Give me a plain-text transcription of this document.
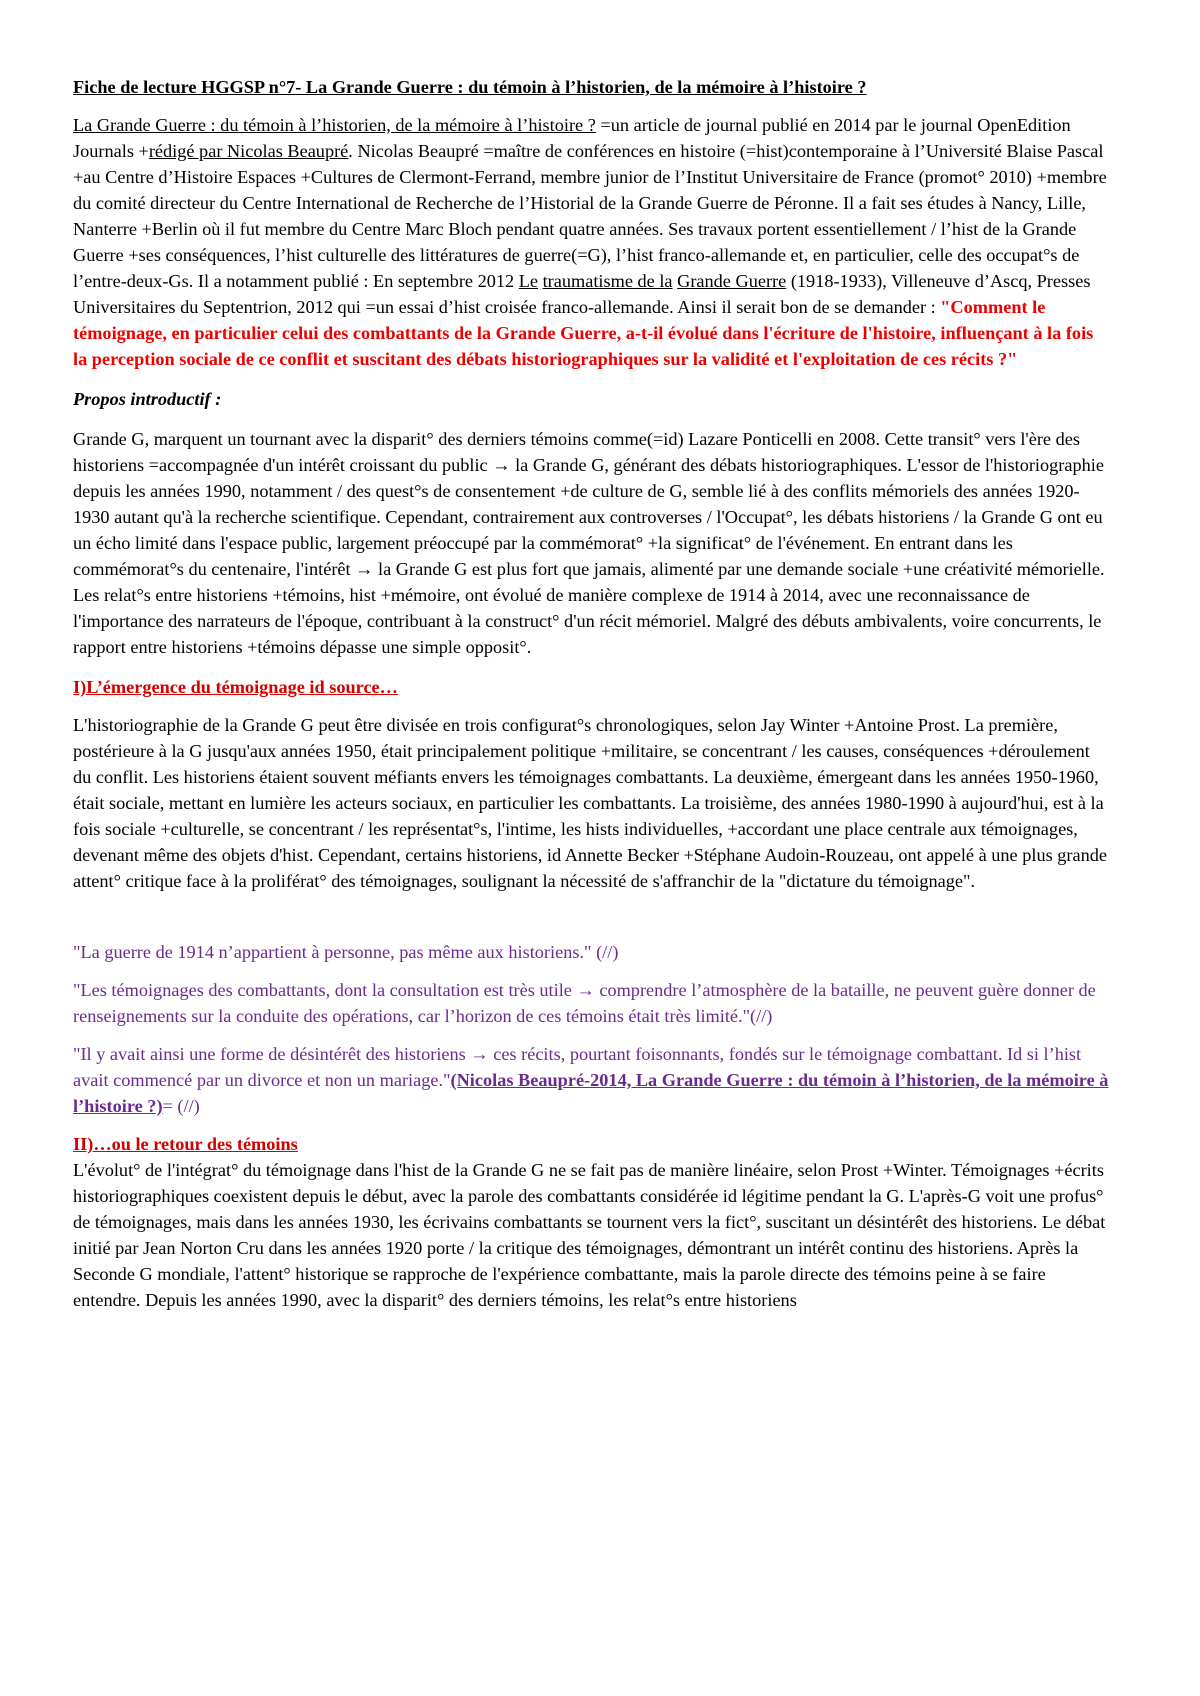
Fiche de lecture HGGSP n°7- La Grande Guerre : du témoin à l’historien, de la mémoire à l’histoire ?

La Grande Guerre : du témoin à l’historien, de la mémoire à l’histoire ? =un article de journal publié en 2014 par le journal OpenEdition Journals +rédigé par Nicolas Beaupré. Nicolas Beaupré =maître de conférences en histoire (=hist)contemporaine à l’Université Blaise Pascal +au Centre d’Histoire Espaces +Cultures de Clermont-Ferrand, membre junior de l’Institut Universitaire de France (promot° 2010) +membre du comité directeur du Centre International de Recherche de l’Historial de la Grande Guerre de Péronne. Il a fait ses études à Nancy, Lille, Nanterre +Berlin où il fut membre du Centre Marc Bloch pendant quatre années. Ses travaux portent essentiellement / l’hist de la Grande Guerre +ses conséquences, l’hist culturelle des littératures de guerre(=G), l’hist franco-allemande et, en particulier, celle des occupat°s de l’entre-deux-Gs. Il a notamment publié : En septembre 2012 Le traumatisme de la Grande Guerre (1918-1933), Villeneuve d’Ascq, Presses Universitaires du Septentrion, 2012 qui =un essai d’hist croisée franco-allemande. Ainsi il serait bon de se demander : "Comment le témoignage, en particulier celui des combattants de la Grande Guerre, a-t-il évolué dans l'écriture de l'histoire, influençant à la fois la perception sociale de ce conflit et suscitant des débats historiographiques sur la validité et l'exploitation de ces récits ?"

Propos introductif :

Grande G, marquent un tournant avec la disparit° des derniers témoins comme(=id) Lazare Ponticelli en 2008. Cette transit° vers l'ère des historiens =accompagnée d'un intérêt croissant du public → la Grande G, générant des débats historiographiques. L'essor de l'historiographie depuis les années 1990, notamment / des quest°s de consentement +de culture de G, semble lié à des conflits mémoriels des années 1920-1930 autant qu'à la recherche scientifique. Cependant, contrairement aux controverses / l'Occupat°, les débats historiens / la Grande G ont eu un écho limité dans l'espace public, largement préoccupé par la commémorat° +la significat° de l'événement. En entrant dans les commémorat°s du centenaire, l'intérêt → la Grande G est plus fort que jamais, alimenté par une demande sociale +une créativité mémorielle. Les relat°s entre historiens +témoins, hist +mémoire, ont évolué de manière complexe de 1914 à 2014, avec une reconnaissance de l'importance des narrateurs de l'époque, contribuant à la construct° d'un récit mémoriel. Malgré des débuts ambivalents, voire concurrents, le rapport entre historiens +témoins dépasse une simple opposit°.

I)L’émergence du témoignage id source…

L'historiographie de la Grande G peut être divisée en trois configurat°s chronologiques, selon Jay Winter +Antoine Prost. La première, postérieure à la G jusqu'aux années 1950, était principalement politique +militaire, se concentrant / les causes, conséquences +déroulement du conflit. Les historiens étaient souvent méfiants envers les témoignages combattants. La deuxième, émergeant dans les années 1950-1960, était sociale, mettant en lumière les acteurs sociaux, en particulier les combattants. La troisième, des années 1980-1990 à aujourd'hui, est à la fois sociale +culturelle, se concentrant / les représentat°s, l'intime, les hists individuelles, +accordant une place centrale aux témoignages, devenant même des objets d'hist. Cependant, certains historiens, id Annette Becker +Stéphane Audoin-Rouzeau, ont appelé à une plus grande attent° critique face à la proliférat° des témoignages, soulignant la nécessité de s'affranchir de la "dictature du témoignage".

"La guerre de 1914 n’appartient à personne, pas même aux historiens." (//)

"Les témoignages des combattants, dont la consultation est très utile → comprendre l’atmosphère de la bataille, ne peuvent guère donner de renseignements sur la conduite des opérations, car l’horizon de ces témoins était très limité."(//)

"Il y avait ainsi une forme de désintérêt des historiens → ces récits, pourtant foisonnants, fondés sur le témoignage combattant. Id si l’hist avait commencé par un divorce et non un mariage."(Nicolas Beaupré-2014, La Grande Guerre : du témoin à l’historien, de la mémoire à l’histoire ?)= (//)

II)…ou le retour des témoins

L'évolut° de l'intégrat° du témoignage dans l'hist de la Grande G ne se fait pas de manière linéaire, selon Prost +Winter. Témoignages +écrits historiographiques coexistent depuis le début, avec la parole des combattants considérée id légitime pendant la G. L'après-G voit une profus° de témoignages, mais dans les années 1930, les écrivains combattants se tournent vers la fict°, suscitant un désintérêt des historiens. Le débat initié par Jean Norton Cru dans les années 1920 porte / la critique des témoignages, démontrant un intérêt continu des historiens. Après la Seconde G mondiale, l'attent° historique se rapproche de l'expérience combattante, mais la parole directe des témoins peine à se faire entendre. Depuis les années 1990, avec la disparit° des derniers témoins, les relat°s entre historiens
